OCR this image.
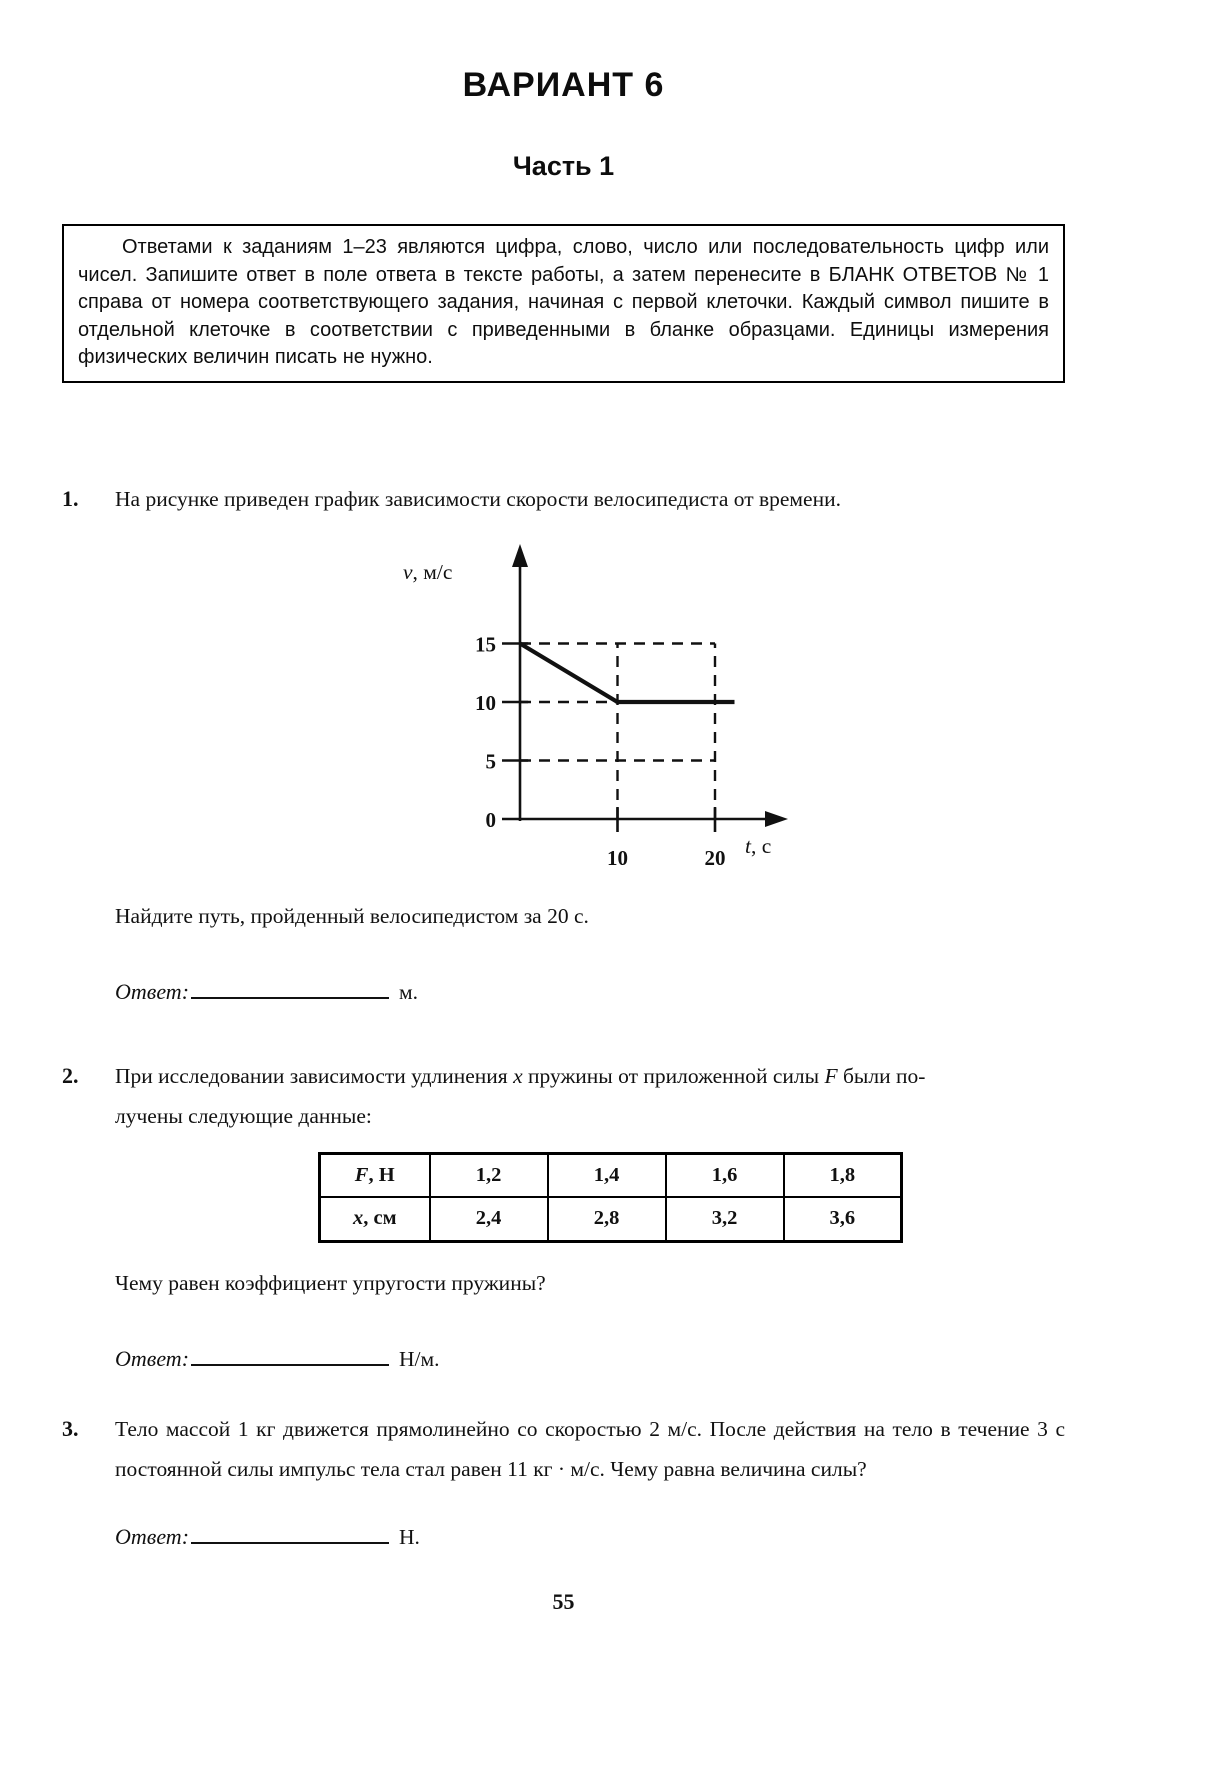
ВАРИАНТ 6
Часть 1

Ответами к заданиям 1–23 являются цифра, слово, число или последовательность цифр или чисел. Запишите ответ в поле ответа в тексте работы, а затем перенесите в БЛАНК ОТВЕТОВ № 1 справа от номера соответствующего задания, начиная с первой клеточки. Каждый символ пишите в отдельной клеточке в соответствии с приведенными в бланке образцами. Единицы измерения физических величин писать не нужно.

1.	На рисунке приведен график зависимости скорости велосипедиста от времени.

5
10
15
0
10	20
v, м/с
t, с

Найдите путь, пройденный велосипедистом за 20 с.

Ответ:	м.

2.	При исследовании зависимости удлинения x пружины от приложенной силы F были по-
лучены следующие данные:

F, Н	1,2	1,4	1,6	1,8
x, см	2,4	2,8	3,2	3,6

Чему равен коэффициент упругости пружины?

Ответ:	Н/м.

3.	Тело массой 1 кг движется прямолинейно со скоростью 2 м/с. После действия на тело в течение 3 с постоянной силы импульс тела стал равен 11 кг · м/с. Чему равна величина силы?

Ответ:	Н.

55
